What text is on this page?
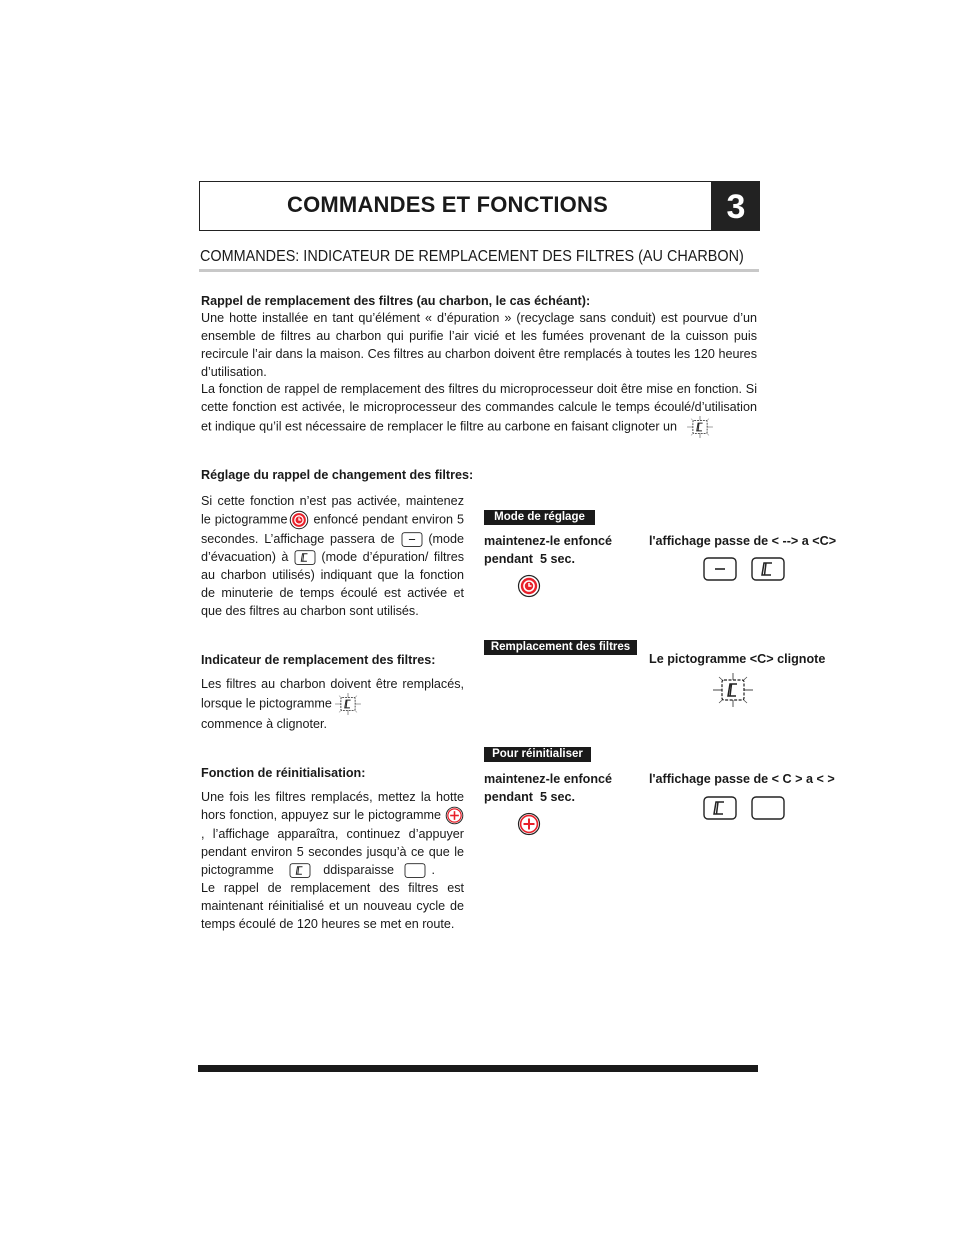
COMMANDES ET FONCTIONS	3
COMMANDES: INDICATEUR DE REMPLACEMENT DES FILTRES (AU CHARBON)
Rappel de remplacement des filtres (au charbon, le cas échéant):
Une hotte installée en tant qu’élément « d’épuration » (recyclage sans conduit) est pourvue d’un ensemble de filtres au charbon qui purifie l’air vicié et les fumées provenant de la cuisson puis recircule l’air dans la maison. Ces filtres au charbon doivent être remplacés à toutes les 120 heures d’utilisation.
La fonction de rappel de remplacement des filtres du microprocesseur doit être mise en fonction. Si cette fonction est activée, le microprocesseur des commandes calcule le temps écoulé/d’utilisation et indique qu’il est nécessaire de remplacer le filtre au carbone en faisant clignoter un
Réglage du rappel de changement des filtres:
Si cette fonction n’est pas activée, maintenez le pictogramme enfoncé pendant environ 5 secondes. L’affichage passera de	(mode d’évacuation) à	(mode d’épuration/ filtres au charbon utilisés) indiquant que la fonction de minuterie de temps écoulé est activée et que des filtres au charbon sont utilisés.
Mode de réglage
maintenez-le enfoncé
pendant  5 sec.
l'affichage passe de < --> a <C>
Indicateur de remplacement des filtres:
Les filtres au charbon doivent être remplacés, lorsque le pictogramme

commence à clignoter.
Remplacement des filtres
Le pictogramme <C> clignote
Fonction de réinitialisation:
Une fois les filtres remplacés, mettez la hotte hors fonction, appuyez sur le pictogramme
, l’affichage apparaîtra, continuez d’appuyer pendant environ 5 secondes jusqu’à ce que le pictogramme	ddisparaisse	.
Le rappel de remplacement des filtres est maintenant réinitialisé et un nouveau cycle de temps écoulé de 120 heures se met en route.
Pour réinitialiser
maintenez-le enfoncé
pendant  5 sec.
l'affichage passe de < C > a < >
